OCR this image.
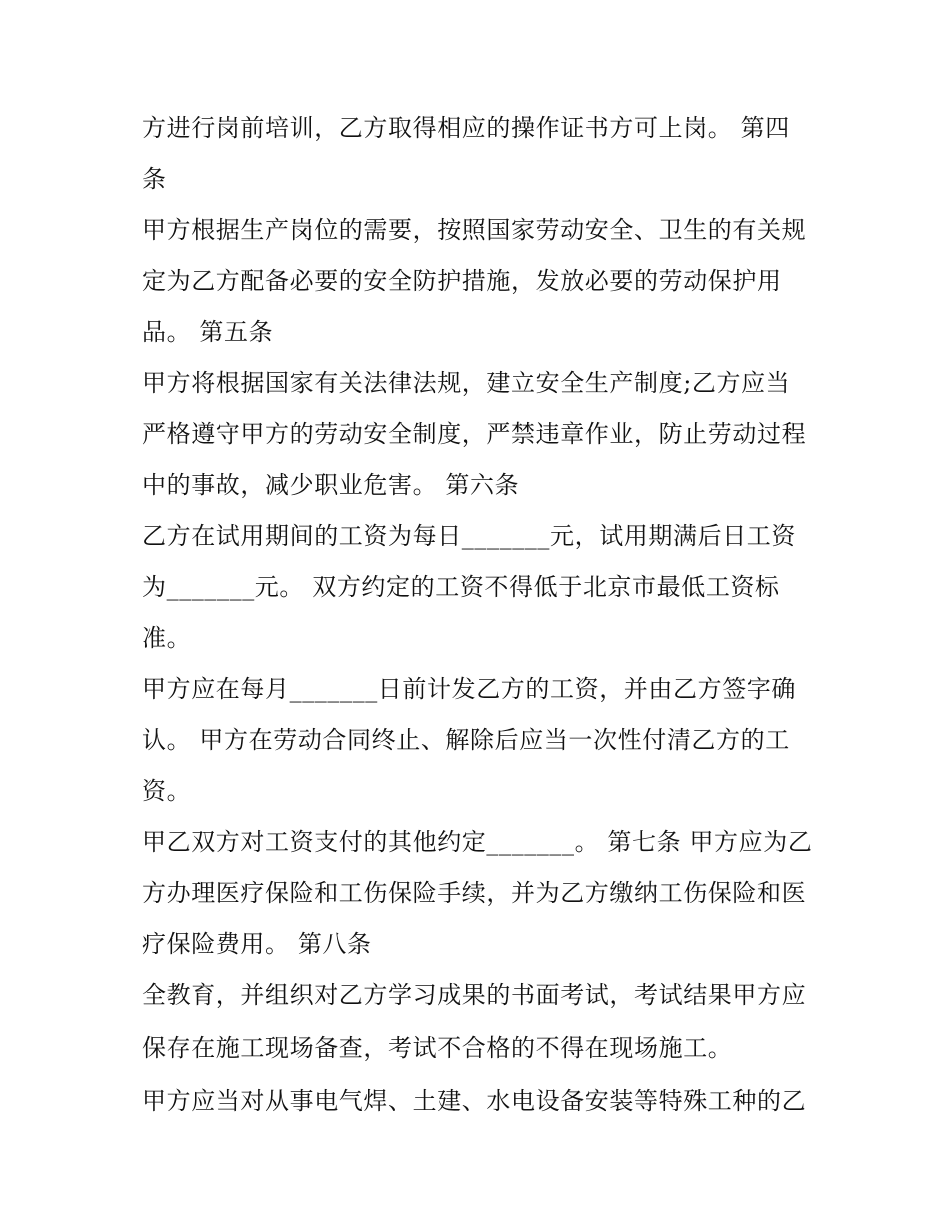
方进行岗前培训，乙方取得相应的操作证书方可上岗。 第四
条
甲方根据生产岗位的需要，按照国家劳动安全、卫生的有关规
定为乙方配备必要的安全防护措施，发放必要的劳动保护用
品。 第五条
甲方将根据国家有关法律法规，建立安全生产制度;乙方应当
严格遵守甲方的劳动安全制度，严禁违章作业，防止劳动过程
中的事故，减少职业危害。 第六条
乙方在试用期间的工资为每日_______元，试用期满后日工资
为_______元。 双方约定的工资不得低于北京市最低工资标
准。
甲方应在每月_______日前计发乙方的工资，并由乙方签字确
认。 甲方在劳动合同终止、解除后应当一次性付清乙方的工
资。
甲乙双方对工资支付的其他约定_______。 第七条 甲方应为乙
方办理医疗保险和工伤保险手续，并为乙方缴纳工伤保险和医
疗保险费用。 第八条
全教育，并组织对乙方学习成果的书面考试，考试结果甲方应
保存在施工现场备查，考试不合格的不得在现场施工。
甲方应当对从事电气焊、土建、水电设备安装等特殊工种的乙
